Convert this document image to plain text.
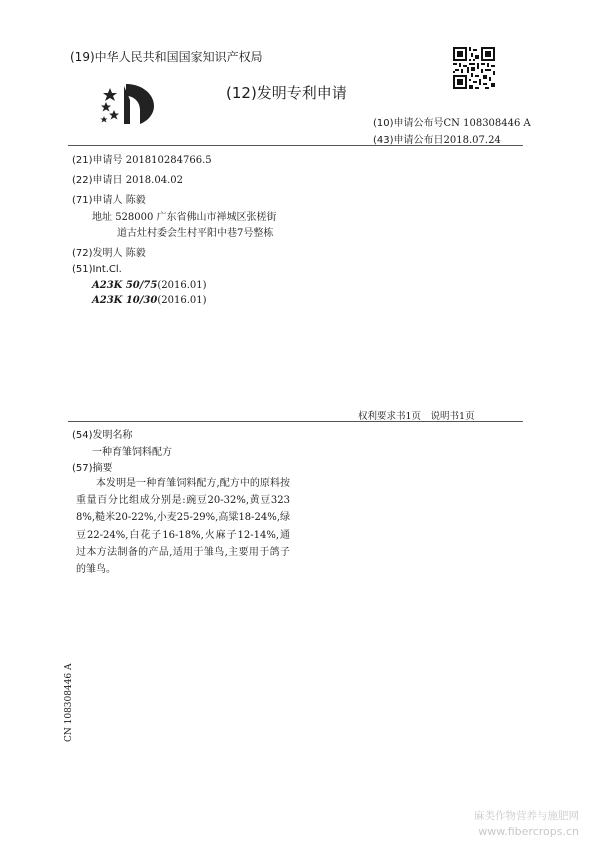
(19)中华人民共和国国家知识产权局
(12)发明专利申请
(10)申请公布号CN 108308446 A
(43)申请公布日2018.07.24
(21)申请号 201810284766.5
(22)申请日 2018.04.02
(71)申请人 陈毅
地址 528000 广东省佛山市禅城区张槎街
道古灶村委会生村平阳中巷7号整栋
(72)发明人 陈毅
(51)Int.Cl.
A23K 50/75(2016.01)
A23K 10/30(2016.01)
权利要求书1页　说明书1页
(54)发明名称
一种育雏饲料配方
(57)摘要
本发明是一种育雏饲料配方,配方中的原料按重量百分比组成分别是:豌豆20-32%,黄豆3238%,糙米20-22%,小麦25-29%,高粱18-24%,绿豆22-24%,白花子16-18%,火麻子12-14%,通过本方法制备的产品,适用于雏鸟,主要用于鸽子的雏鸟。
CN 108308446 A
麻类作物营养与施肥网
www.fibercrops.cn
